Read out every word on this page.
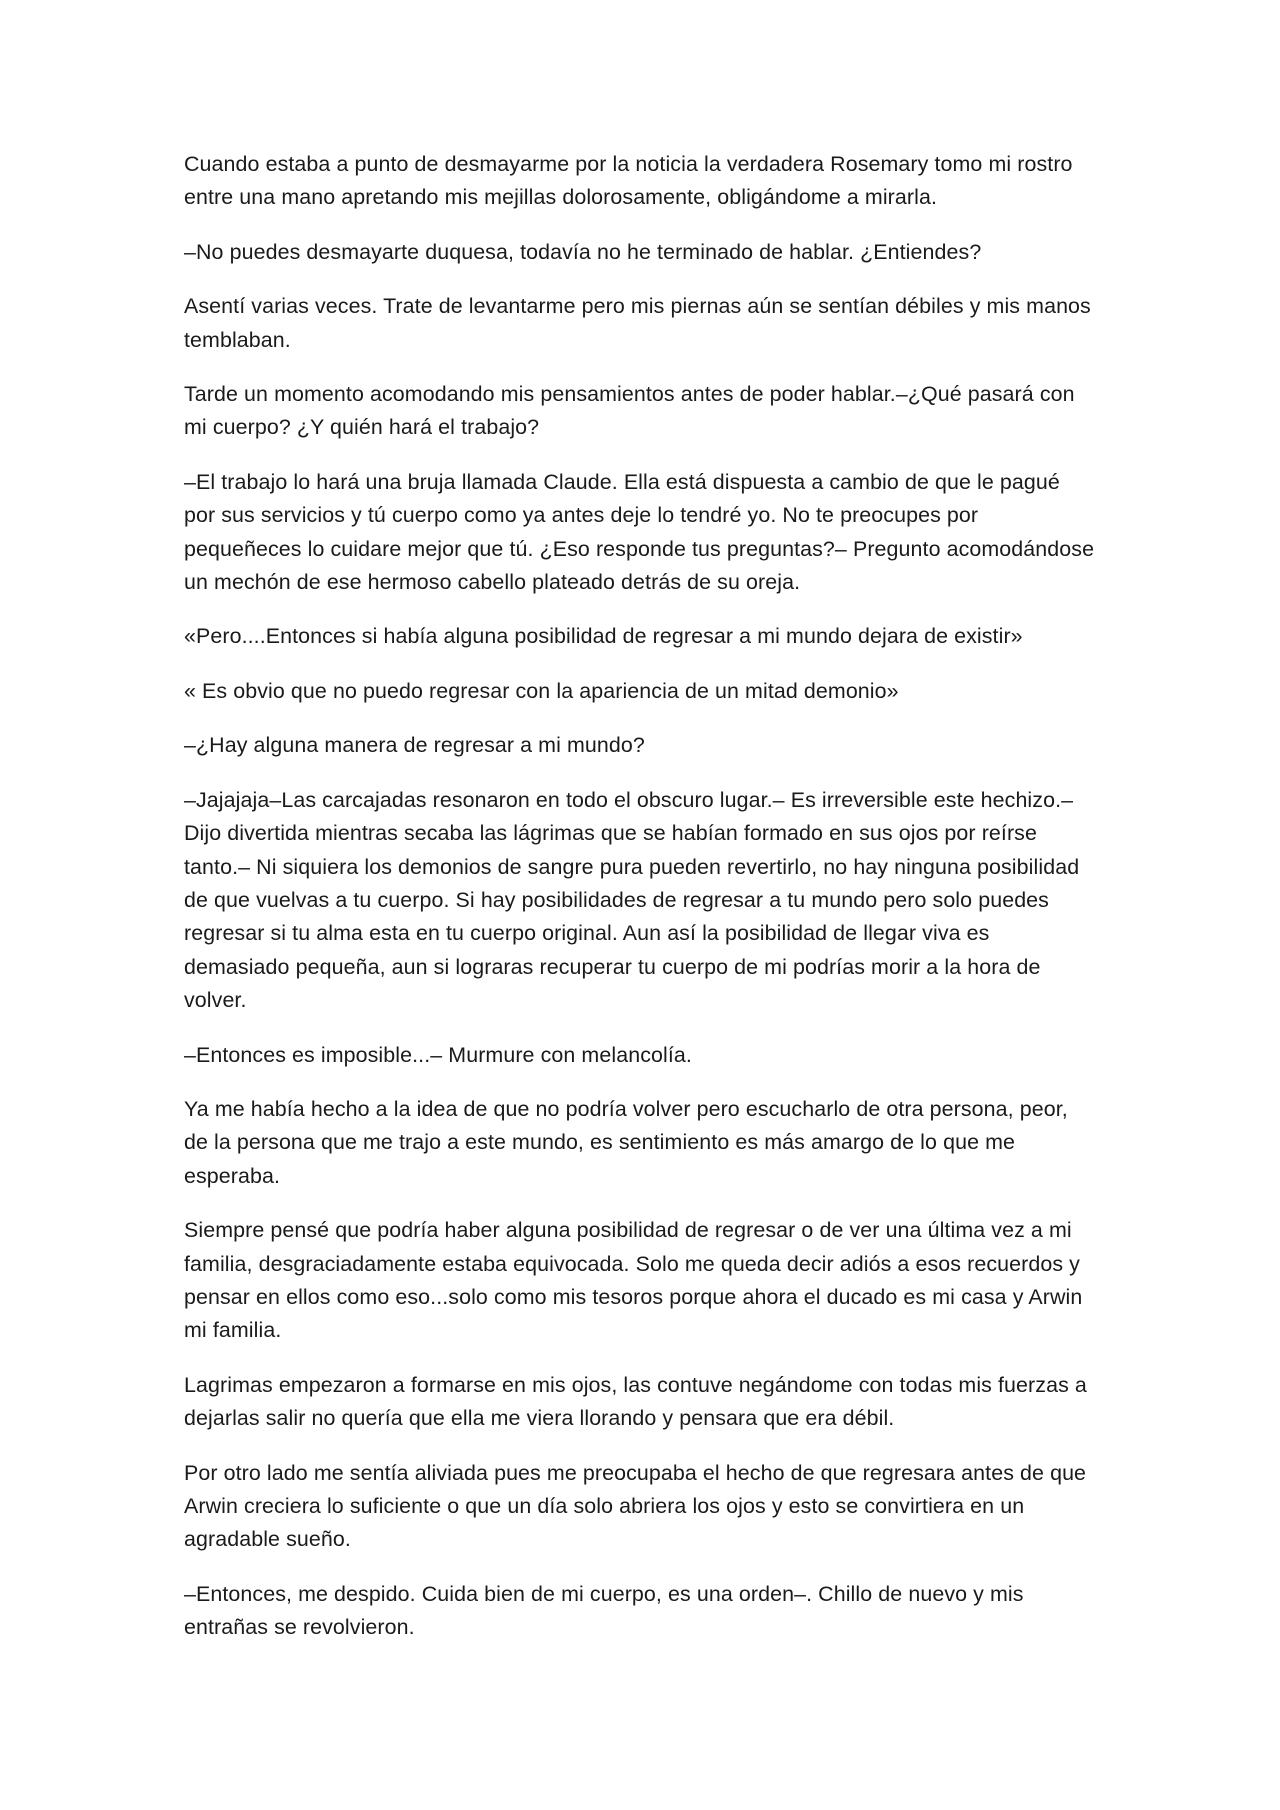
Cuando estaba a punto de desmayarme por la noticia la verdadera Rosemary tomo mi rostro entre una mano apretando mis mejillas dolorosamente, obligándome a mirarla.

–No puedes desmayarte duquesa, todavía no he terminado de hablar. ¿Entiendes?

Asentí varias veces. Trate de levantarme pero mis piernas aún se sentían débiles y mis manos temblaban.

Tarde un momento acomodando mis pensamientos antes de poder hablar.–¿Qué pasará con mi cuerpo? ¿Y quién hará el trabajo?

–El trabajo lo hará una bruja llamada Claude. Ella está dispuesta a cambio de que le pagué por sus servicios y tú cuerpo como ya antes deje lo tendré yo. No te preocupes por pequeñeces lo cuidare mejor que tú. ¿Eso responde tus preguntas?– Pregunto acomodándose un mechón de ese hermoso cabello plateado detrás de su oreja.

«Pero....Entonces si había alguna posibilidad de regresar a mi mundo dejara de existir»

« Es obvio que no puedo regresar con la apariencia de un mitad demonio»

–¿Hay alguna manera de regresar a mi mundo?

–Jajajaja–Las carcajadas resonaron en todo el obscuro lugar.– Es irreversible este hechizo.– Dijo divertida mientras secaba las lágrimas que se habían formado en sus ojos por reírse tanto.– Ni siquiera los demonios de sangre pura pueden revertirlo, no hay ninguna posibilidad de que vuelvas a tu cuerpo. Si hay posibilidades de regresar a tu mundo pero solo puedes regresar si tu alma esta en tu cuerpo original. Aun así la posibilidad de llegar viva es demasiado pequeña, aun si lograras recuperar tu cuerpo de mi podrías morir a la hora de volver.

–Entonces es imposible...– Murmure con melancolía.

Ya me había hecho a la idea de que no podría volver pero escucharlo de otra persona, peor, de la persona que me trajo a este mundo, es sentimiento es más amargo de lo que me esperaba.

Siempre pensé que podría haber alguna posibilidad de regresar o de ver una última vez a mi familia, desgraciadamente estaba equivocada. Solo me queda decir adiós a esos recuerdos y pensar en ellos como eso...solo como mis tesoros porque ahora el ducado es mi casa y Arwin mi familia.

Lagrimas empezaron a formarse en mis ojos, las contuve negándome con todas mis fuerzas a dejarlas salir no quería que ella me viera llorando y pensara que era débil.

Por otro lado me sentía aliviada pues me preocupaba el hecho de que regresara antes de que Arwin creciera lo suficiente o que un día solo abriera los ojos y esto se convirtiera en un agradable sueño.

–Entonces, me despido. Cuida bien de mi cuerpo, es una orden–. Chillo de nuevo y mis entrañas se revolvieron.
